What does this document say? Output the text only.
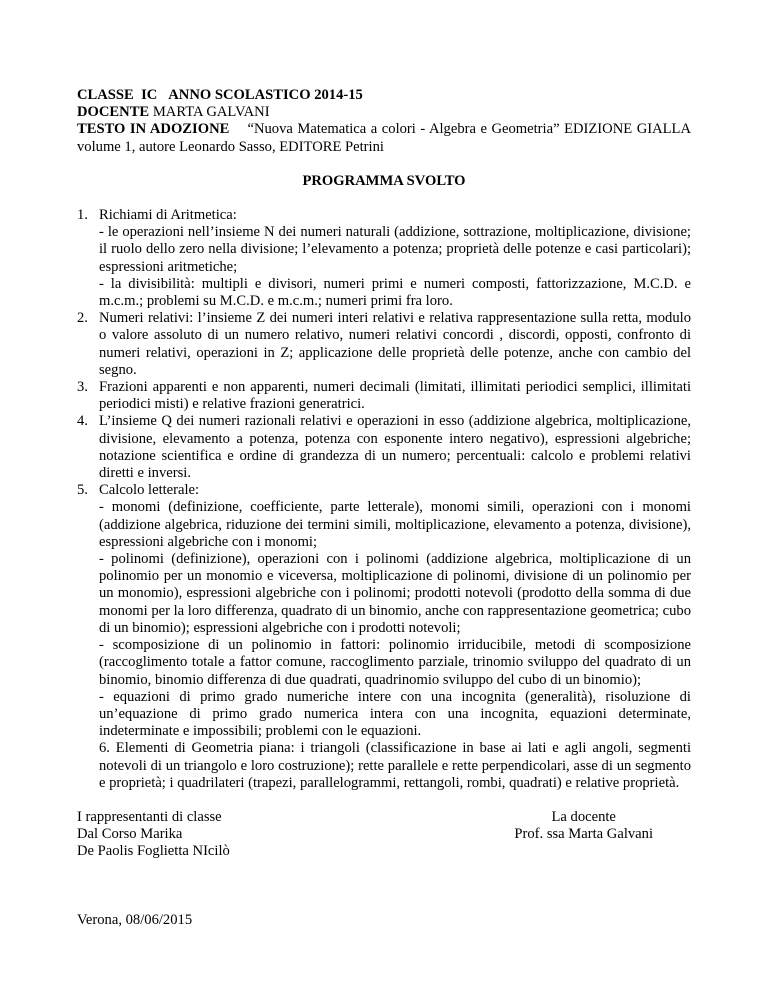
CLASSE  IC ANNO SCOLASTICO 2014-15
DOCENTE MARTA GALVANI
TESTO IN ADOZIONE “Nuova Matematica a colori - Algebra e Geometria” EDIZIONE GIALLA volume 1, autore Leonardo Sasso, EDITORE Petrini
PROGRAMMA SVOLTO
1. Richiami di Aritmetica:
- le operazioni nell’insieme N dei numeri naturali (addizione, sottrazione, moltiplicazione, divisione; il ruolo dello zero nella divisione; l’elevamento a potenza; proprietà delle potenze e casi particolari); espressioni aritmetiche;
- la divisibilità: multipli e divisori, numeri primi e numeri composti, fattorizzazione, M.C.D. e m.c.m.; problemi su M.C.D. e m.c.m.; numeri primi fra loro.
2. Numeri relativi: l’insieme Z dei numeri interi relativi e relativa rappresentazione sulla retta, modulo o valore assoluto di un numero relativo, numeri relativi concordi , discordi, opposti, confronto di numeri relativi, operazioni in Z; applicazione delle proprietà delle potenze, anche con cambio del segno.
3. Frazioni apparenti e non apparenti, numeri decimali (limitati, illimitati periodici semplici, illimitati periodici misti) e relative frazioni generatrici.
4. L’insieme Q dei numeri razionali relativi e operazioni in esso (addizione algebrica, moltiplicazione, divisione, elevamento a potenza, potenza con esponente intero negativo), espressioni algebriche; notazione scientifica e ordine di grandezza di un numero; percentuali: calcolo e problemi relativi diretti e inversi.
5. Calcolo letterale:
- monomi (definizione, coefficiente, parte letterale), monomi simili, operazioni con i monomi (addizione algebrica, riduzione dei termini simili, moltiplicazione, elevamento a potenza, divisione), espressioni algebriche con i monomi;
- polinomi (definizione), operazioni con i polinomi (addizione algebrica, moltiplicazione di un polinomio per un monomio e viceversa, moltiplicazione di polinomi, divisione di un polinomio per un monomio), espressioni algebriche con i polinomi; prodotti notevoli (prodotto della somma di due monomi per la loro differenza, quadrato di un binomio, anche con rappresentazione geometrica; cubo di un binomio); espressioni algebriche con i prodotti notevoli;
- scomposizione di un polinomio in fattori: polinomio irriducibile, metodi di scomposizione (raccoglimento totale a fattor comune, raccoglimento parziale, trinomio sviluppo del quadrato di un binomio, binomio differenza di due quadrati, quadrinomio sviluppo del cubo di un binomio);
- equazioni di primo grado numeriche intere con una incognita (generalità), risoluzione di un’equazione di primo grado numerica intera con una incognita, equazioni determinate, indeterminate e impossibili; problemi con le equazioni.
6. Elementi di Geometria piana: i triangoli (classificazione in base ai lati e agli angoli, segmenti notevoli di un triangolo e loro costruzione); rette parallele e rette perpendicolari, asse di un segmento e proprietà; i quadrilateri (trapezi, parallelogrammi, rettangoli, rombi, quadrati) e relative proprietà.
I rappresentanti di classe
Dal Corso Marika
De Paolis Foglietta NIcilò
La docente
Prof. ssa Marta Galvani
Verona, 08/06/2015
